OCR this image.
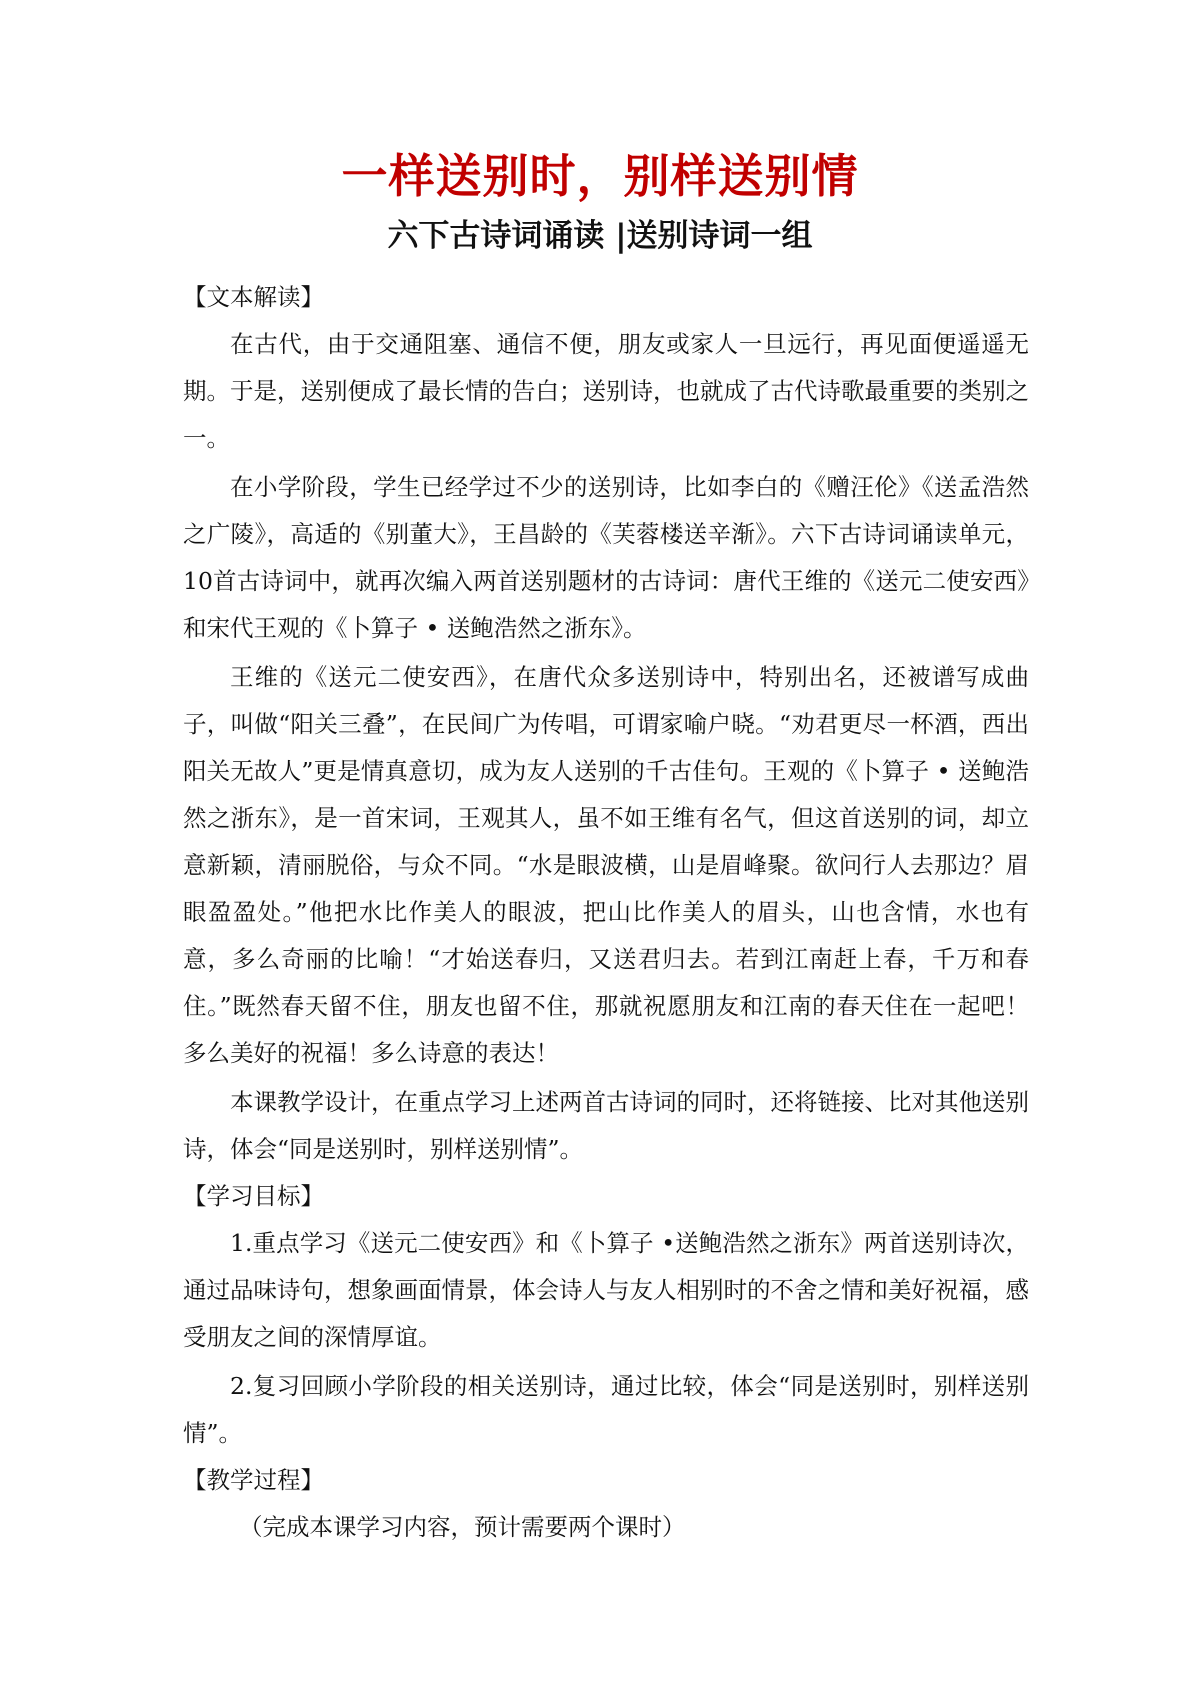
一样送别时，别样送别情
六下古诗词诵读 |送别诗词一组

【文本解读】

在古代，由于交通阻塞、通信不便，朋友或家人一旦远行，再见面便遥遥无期。于是，送别便成了最长情的告白；送别诗，也就成了古代诗歌最重要的类别之一。

在小学阶段，学生已经学过不少的送别诗，比如李白的《赠汪伦》《送孟浩然之广陵》，高适的《别董大》，王昌龄的《芙蓉楼送辛渐》。六下古诗词诵读单元，10首古诗词中，就再次编入两首送别题材的古诗词：唐代王维的《送元二使安西》和宋代王观的《卜算子 • 送鲍浩然之浙东》。

王维的《送元二使安西》，在唐代众多送别诗中，特别出名，还被谱写成曲子，叫做“阳关三叠”，在民间广为传唱，可谓家喻户晓。“劝君更尽一杯酒，西出阳关无故人”更是情真意切，成为友人送别的千古佳句。王观的《卜算子 • 送鲍浩然之浙东》，是一首宋词，王观其人，虽不如王维有名气，但这首送别的词，却立意新颖，清丽脱俗，与众不同。“水是眼波横，山是眉峰聚。欲问行人去那边？眉眼盈盈处。”他把水比作美人的眼波，把山比作美人的眉头，山也含情，水也有意，多么奇丽的比喻！“才始送春归，又送君归去。若到江南赶上春，千万和春住。”既然春天留不住，朋友也留不住，那就祝愿朋友和江南的春天住在一起吧！多么美好的祝福！多么诗意的表达！

本课教学设计，在重点学习上述两首古诗词的同时，还将链接、比对其他送别诗，体会“同是送别时，别样送别情”。

【学习目标】

1.重点学习《送元二使安西》和《卜算子 •送鲍浩然之浙东》两首送别诗次，通过品味诗句，想象画面情景，体会诗人与友人相别时的不舍之情和美好祝福，感受朋友之间的深情厚谊。

2.复习回顾小学阶段的相关送别诗，通过比较，体会“同是送别时，别样送别情”。

【教学过程】

（完成本课学习内容，预计需要两个课时）
